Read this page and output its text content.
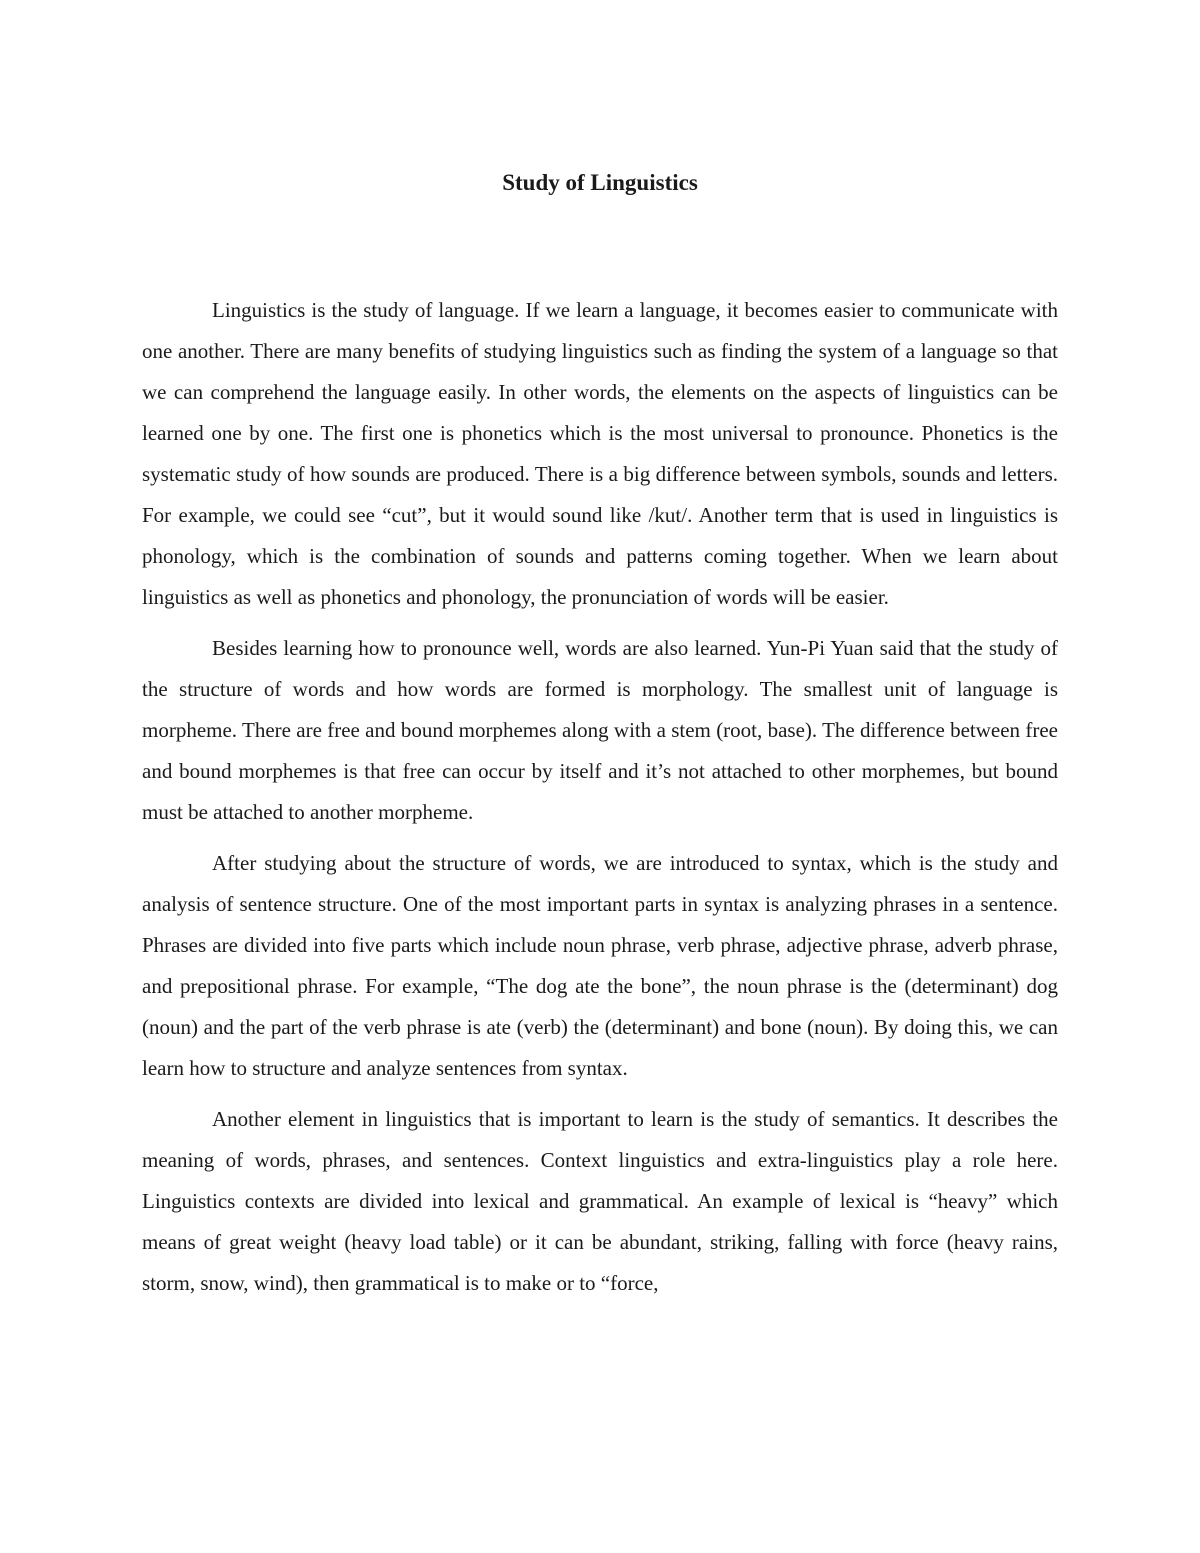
Study of Linguistics

Linguistics is the study of language. If we learn a language, it becomes easier to communicate with one another. There are many benefits of studying linguistics such as finding the system of a language so that we can comprehend the language easily. In other words, the elements on the aspects of linguistics can be learned one by one. The first one is phonetics which is the most universal to pronounce. Phonetics is the systematic study of how sounds are produced. There is a big difference between symbols, sounds and letters. For example, we could see “cut”, but it would sound like /kut/. Another term that is used in linguistics is phonology, which is the combination of sounds and patterns coming together. When we learn about linguistics as well as phonetics and phonology, the pronunciation of words will be easier.

Besides learning how to pronounce well, words are also learned. Yun-Pi Yuan said that the study of the structure of words and how words are formed is morphology. The smallest unit of language is morpheme. There are free and bound morphemes along with a stem (root, base). The difference between free and bound morphemes is that free can occur by itself and it’s not attached to other morphemes, but bound must be attached to another morpheme.

After studying about the structure of words, we are introduced to syntax, which is the study and analysis of sentence structure. One of the most important parts in syntax is analyzing phrases in a sentence. Phrases are divided into five parts which include noun phrase, verb phrase, adjective phrase, adverb phrase, and prepositional phrase. For example, “The dog ate the bone”, the noun phrase is the (determinant) dog (noun) and the part of the verb phrase is ate (verb) the (determinant) and bone (noun). By doing this, we can learn how to structure and analyze sentences from syntax.

Another element in linguistics that is important to learn is the study of semantics. It describes the meaning of words, phrases, and sentences. Context linguistics and extra-linguistics play a role here. Linguistics contexts are divided into lexical and grammatical. An example of lexical is “heavy” which means of great weight (heavy load table) or it can be abundant, striking, falling with force (heavy rains, storm, snow, wind), then grammatical is to make or to “force,
